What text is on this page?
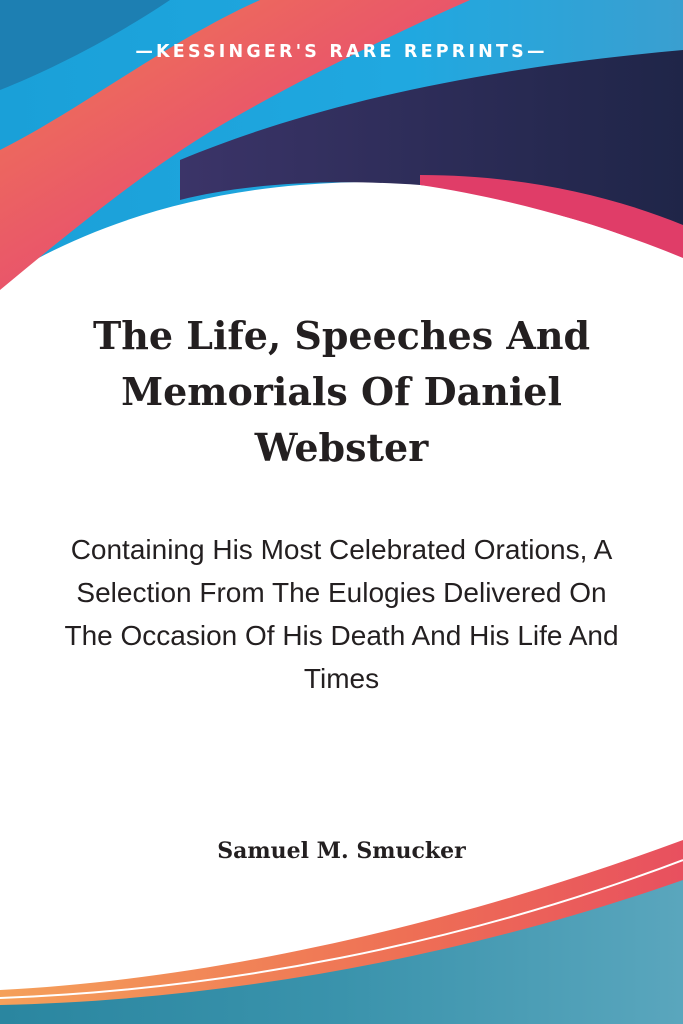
—KESSINGER'S RARE REPRINTS—
The Life, Speeches And Memorials Of Daniel Webster

Containing His Most Celebrated Orations, A Selection From The Eulogies Delivered On The Occasion Of His Death And His Life And Times

Samuel M. Smucker
